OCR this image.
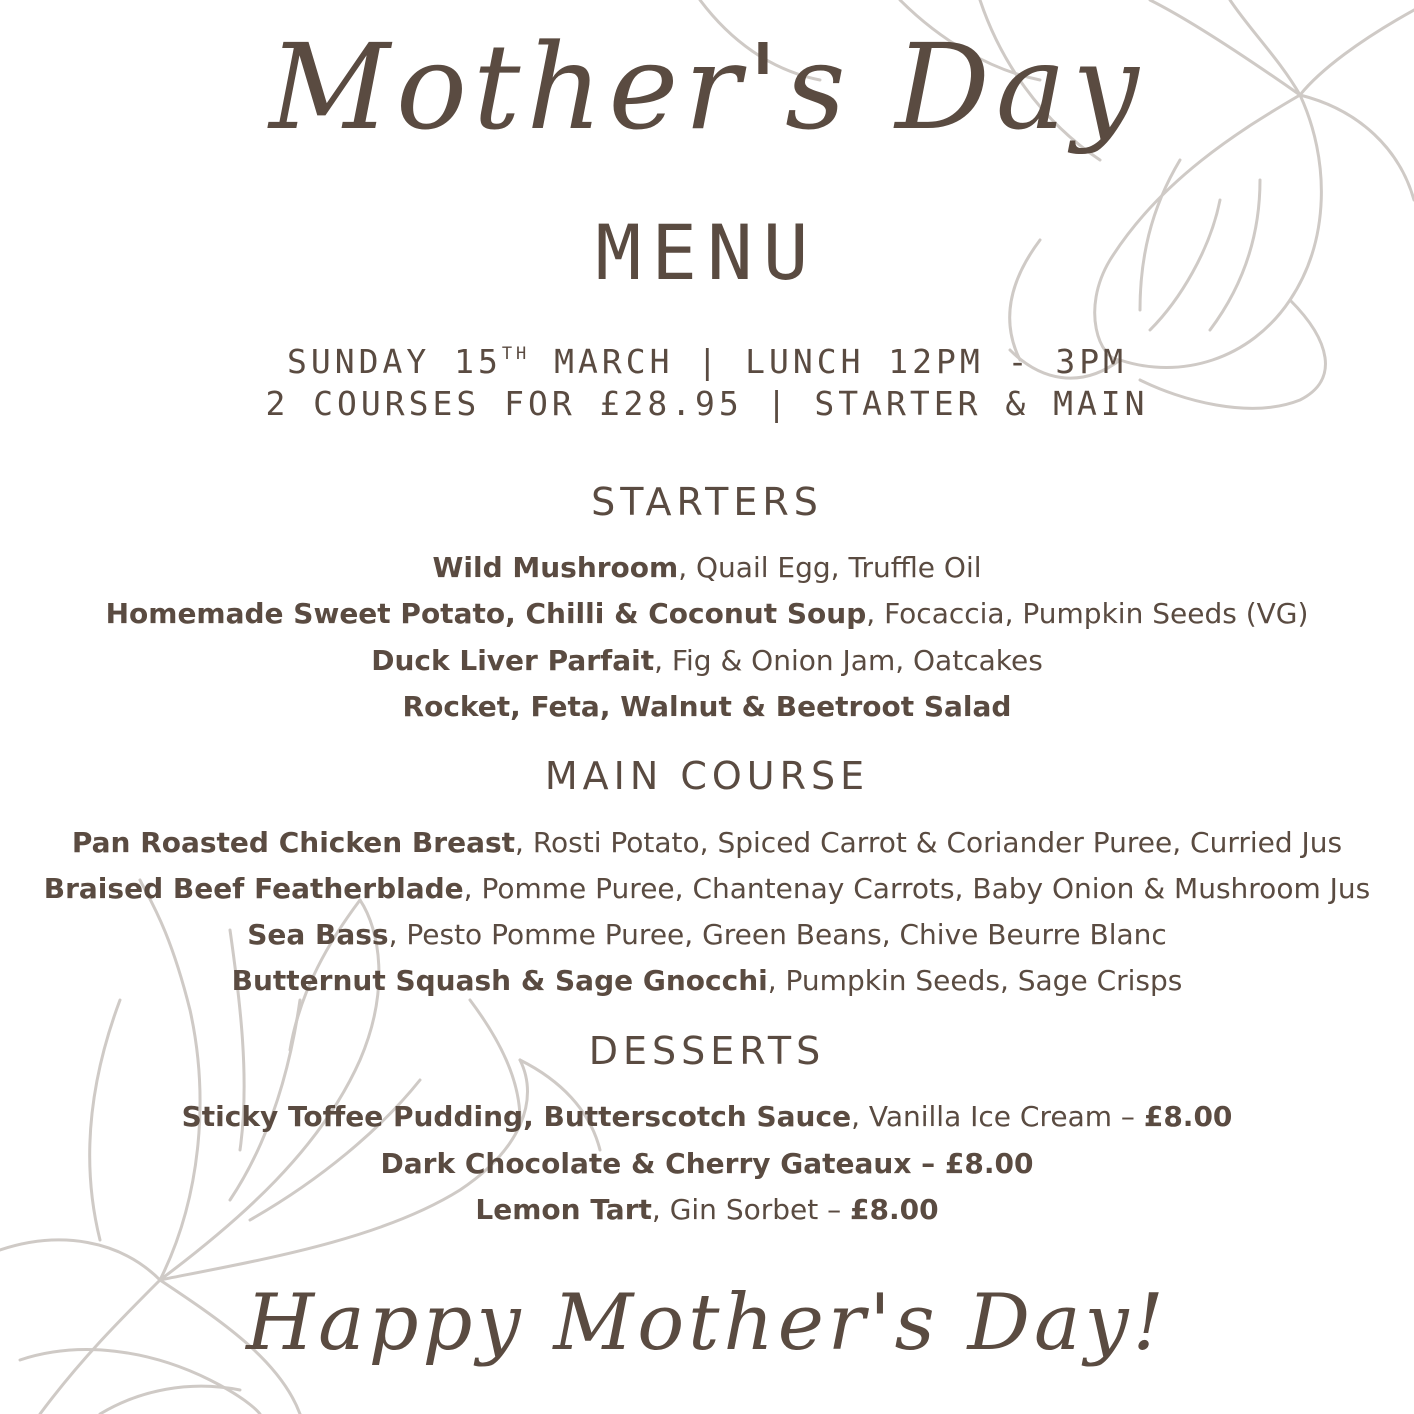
Mother's Day
MENU
SUNDAY 15TH MARCH | LUNCH 12PM - 3PM
2 COURSES FOR £28.95 | STARTER & MAIN
STARTERS
Wild Mushroom, Quail Egg, Truffle Oil
Homemade Sweet Potato, Chilli & Coconut Soup, Focaccia, Pumpkin Seeds (VG)
Duck Liver Parfait, Fig & Onion Jam, Oatcakes
Rocket, Feta, Walnut & Beetroot Salad
MAIN COURSE
Pan Roasted Chicken Breast, Rosti Potato, Spiced Carrot & Coriander Puree, Curried Jus
Braised Beef Featherblade, Pomme Puree, Chantenay Carrots, Baby Onion & Mushroom Jus
Sea Bass, Pesto Pomme Puree, Green Beans, Chive Beurre Blanc
Butternut Squash & Sage Gnocchi, Pumpkin Seeds, Sage Crisps
DESSERTS
Sticky Toffee Pudding, Butterscotch Sauce, Vanilla Ice Cream – £8.00
Dark Chocolate & Cherry Gateaux – £8.00
Lemon Tart, Gin Sorbet – £8.00
Happy Mother's Day!
